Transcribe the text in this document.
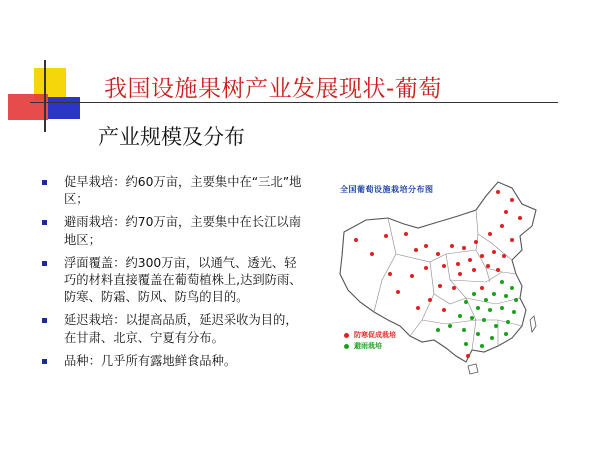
我国设施果树产业发展现状-葡萄
产业规模及分布
促早栽培：约60万亩，主要集中在“三北”地区；
避雨栽培：约70万亩，主要集中在长江以南地区；
浮面覆盖：约300万亩，以通气、透光、轻巧的材料直接覆盖在葡萄植株上,达到防雨、防寒、防霜、防风、防鸟的目的。
延迟栽培：以提高品质，延迟采收为目的，在甘肃、北京、宁夏有分布。
品种：几乎所有露地鲜食品种。
全国葡萄设施栽培分布图
防寒促成栽培
避雨栽培
